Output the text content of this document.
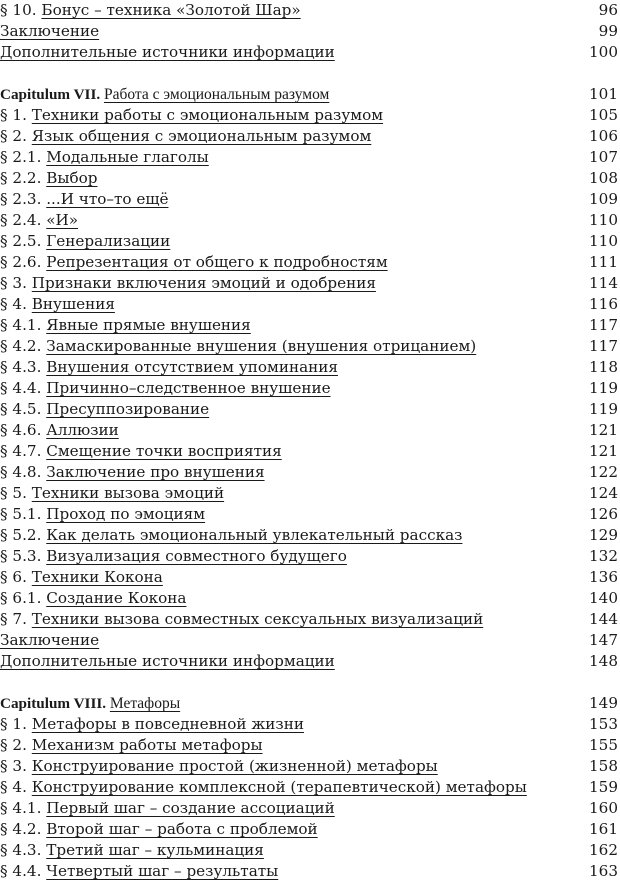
§ 10. Бонус – техника «Золотой Шар»	96
Заключение	99
Дополнительные источники информации	100
Capitulum VII. Работа с эмоциональным разумом	101
§ 1. Техники работы с эмоциональным разумом	105
§ 2. Язык общения с эмоциональным разумом	106
§ 2.1. Модальные глаголы	107
§ 2.2. Выбор	108
§ 2.3. ...И что–то ещё	109
§ 2.4. «И»	110
§ 2.5. Генерализации	110
§ 2.6. Репрезентация от общего к подробностям	111
§ 3. Признаки включения эмоций и одобрения	114
§ 4. Внушения	116
§ 4.1. Явные прямые внушения	117
§ 4.2. Замаскированные внушения (внушения отрицанием)	117
§ 4.3. Внушения отсутствием упоминания	118
§ 4.4. Причинно–следственное внушение	119
§ 4.5. Пресуппозирование	119
§ 4.6. Аллюзии	121
§ 4.7. Смещение точки восприятия	121
§ 4.8. Заключение про внушения	122
§ 5. Техники вызова эмоций	124
§ 5.1. Проход по эмоциям	126
§ 5.2. Как делать эмоциональный увлекательный рассказ	129
§ 5.3. Визуализация совместного будущего	132
§ 6. Техники Кокона	136
§ 6.1. Создание Кокона	140
§ 7. Техники вызова совместных сексуальных визуализаций	144
Заключение	147
Дополнительные источники информации	148
Capitulum VIII. Метафоры	149
§ 1. Метафоры в повседневной жизни	153
§ 2. Механизм работы метафоры	155
§ 3. Конструирование простой (жизненной) метафоры	158
§ 4. Конструирование комплексной (терапевтической) метафоры	159
§ 4.1. Первый шаг – создание ассоциаций	160
§ 4.2. Второй шаг – работа с проблемой	161
§ 4.3. Третий шаг – кульминация	162
§ 4.4. Четвертый шаг – результаты	163
